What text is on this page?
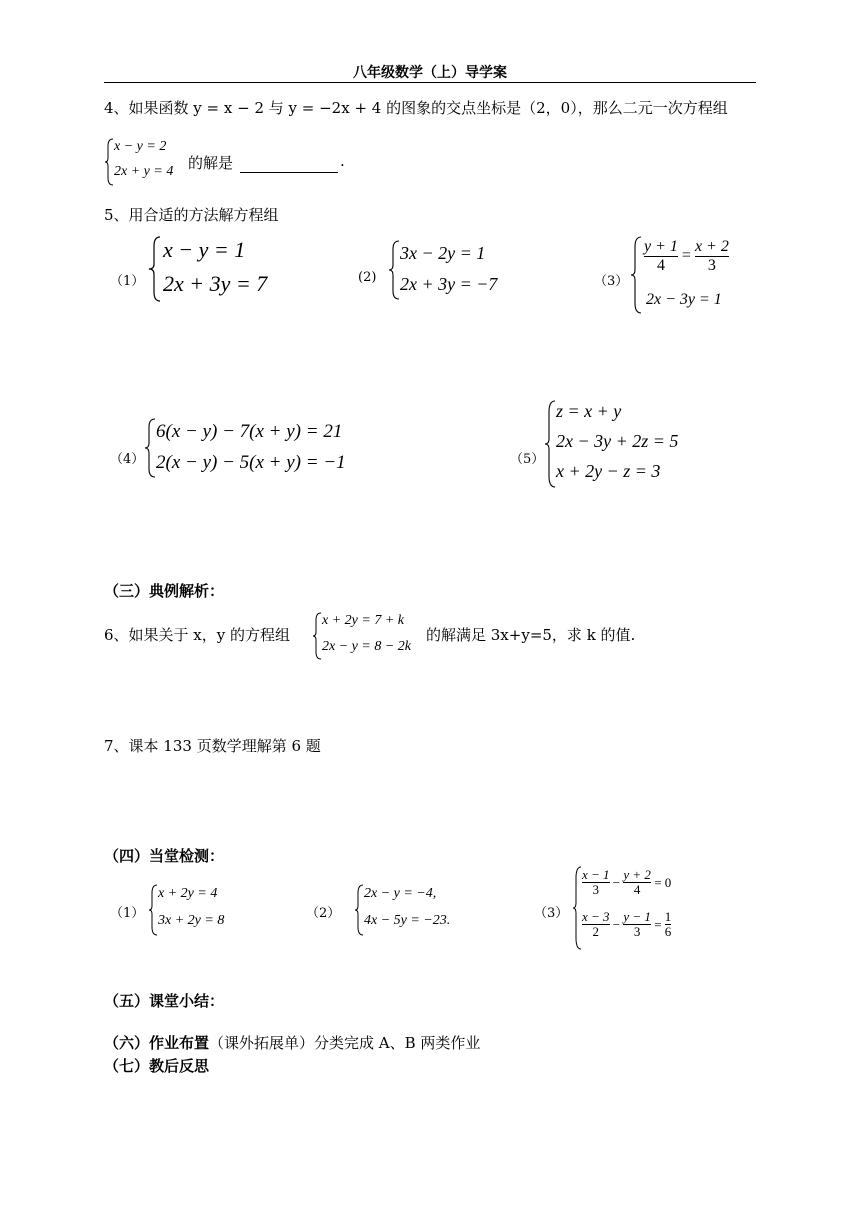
八年级数学（上）导学案
4、如果函数 y = x − 2 与 y = −2x + 4 的图象的交点坐标是（2，0），那么二元一次方程组
x − y = 2
2x + y = 4 的解是	.
5、用合适的方法解方程组
（1）
x − y = 1
2x + 3y = 7	(2)
3x − 2y = 1
2x + 3y = −7	（3）
$\frac{y + 1}{4} = \frac{x + 2}{3}$
2x − 3y = 1
（4）
6(x − y) − 7(x + y) = 21
2(x − y) − 5(x + y) = −1	（5）
z = x + y
2x − 3y + 2z = 5
x + 2y − z = 3
（三）典例解析：
6、如果关于 x，y 的方程组
x + 2y = 7 + k
2x − y = 8 − 2k
的解满足 3x+y=5，求 k 的值.
7、课本 133 页数学理解第 6 题
（四）当堂检测：
（1）
x + 2y = 4
3x + 2y = 8	（2）
2x − y = −4,
4x − 5y = −23.	（3）
$\frac{x - 1}{3} - \frac{y + 2}{4} = 0$
$\frac{x - 3}{2} - \frac{y - 1}{3} = \frac{1}{6}$
（五）课堂小结：
（六）作业布置（课外拓展单）分类完成 A、B 两类作业
（七）教后反思
